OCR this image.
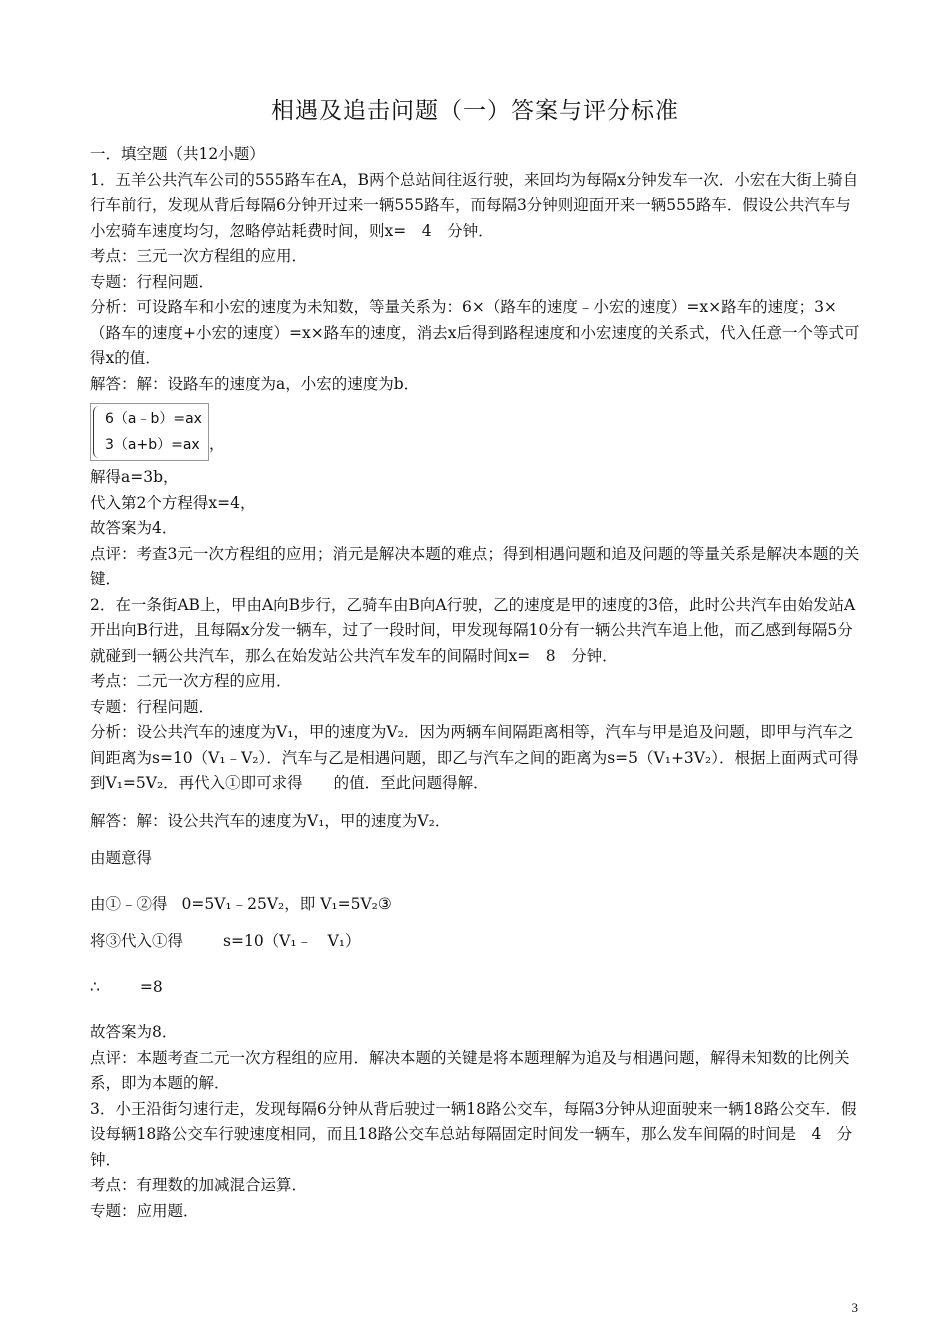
相遇及追击问题（一）答案与评分标准

一．填空题（共12小题）

1．五羊公共汽车公司的555路车在A，B两个总站间往返行驶，来回均为每隔x分钟发车一次．小宏在大街上骑自行车前行，发现从背后每隔6分钟开过来一辆555路车，而每隔3分钟则迎面开来一辆555路车．假设公共汽车与小宏骑车速度均匀，忽略停站耗费时间，则x=　4　分钟．

考点：三元一次方程组的应用．

专题：行程问题．

分析：可设路车和小宏的速度为未知数，等量关系为：6×（路车的速度﹣小宏的速度）=x×路车的速度；3×（路车的速度+小宏的速度）=x×路车的速度，消去x后得到路程速度和小宏速度的关系式，代入任意一个等式可得x的值．

解答：解：设路车的速度为a，小宏的速度为b．

6（a﹣b）=ax
3（a+b）=ax ，

解得a=3b，

代入第2个方程得x=4，

故答案为4．

点评：考查3元一次方程组的应用；消元是解决本题的难点；得到相遇问题和追及问题的等量关系是解决本题的关键．

2．在一条街AB上，甲由A向B步行，乙骑车由B向A行驶，乙的速度是甲的速度的3倍，此时公共汽车由始发站A开出向B行进，且每隔x分发一辆车，过了一段时间，甲发现每隔10分有一辆公共汽车追上他，而乙感到每隔5分就碰到一辆公共汽车，那么在始发站公共汽车发车的间隔时间x=　8　分钟．

考点：二元一次方程的应用．

专题：行程问题．

分析：设公共汽车的速度为V₁，甲的速度为V₂．因为两辆车间隔距离相等，汽车与甲是追及问题，即甲与汽车之间距离为s=10（V₁﹣V₂）．汽车与乙是相遇问题，即乙与汽车之间的距离为s=5（V₁+3V₂）．根据上面两式可得到V₁=5V₂．再代入①即可求得　　的值．至此问题得解．

解答：解：设公共汽车的速度为V₁，甲的速度为V₂．

由题意得

由①﹣②得 0=5V₁﹣25V₂，即 V₁=5V₂③

将③代入①得	s=10（V₁﹣　V₁）

∴	=8

故答案为8．

点评：本题考查二元一次方程组的应用．解决本题的关键是将本题理解为追及与相遇问题，解得未知数的比例关系，即为本题的解．

3．小王沿街匀速行走，发现每隔6分钟从背后驶过一辆18路公交车，每隔3分钟从迎面驶来一辆18路公交车．假设每辆18路公交车行驶速度相同，而且18路公交车总站每隔固定时间发一辆车，那么发车间隔的时间是　4　分钟．

考点：有理数的加减混合运算．

专题：应用题．

3
